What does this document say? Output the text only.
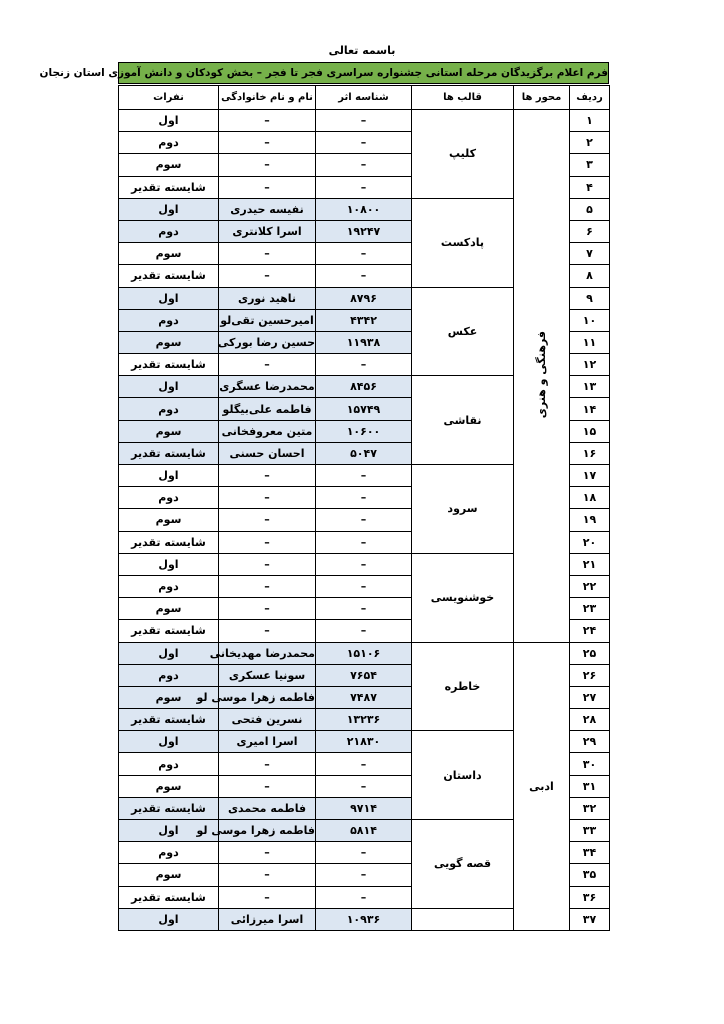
باسمه تعالی
فرم اعلام برگزیدگان مرحله استانی جشنواره سراسری فجر تا فجر – بخش کودکان و دانش آموزی استان زنجان
ردیف	محور ها	قالب ها	شناسه اثر	نام و نام خانوادگی	نفرات
۱	فرهنگی و هنری	کلیپ	–	–	اول
۲			–	–	دوم
۳			–	–	سوم
۴			–	–	شایسته تقدیر
۵		پادکست	۱۰۸۰۰	نفیسه حیدری	اول
۶			۱۹۲۴۷	اسرا کلانتری	دوم
۷			–	–	سوم
۸			–	–	شایسته تقدیر
۹		عکس	۸۷۹۶	ناهید نوری	اول
۱۰			۴۳۴۲	امیرحسین تقی‌لو	دوم
۱۱			۱۱۹۳۸	حسین رضا بورکی	سوم
۱۲			–	–	شایسته تقدیر
۱۳		نقاشی	۸۴۵۶	محمدرضا عسگری	اول
۱۴			۱۵۷۴۹	فاطمه علی‌بیگلو	دوم
۱۵			۱۰۶۰۰	متین معروفخانی	سوم
۱۶			۵۰۴۷	احسان حسنی	شایسته تقدیر
۱۷		سرود	–	–	اول
۱۸			–	–	دوم
۱۹			–	–	سوم
۲۰			–	–	شایسته تقدیر
۲۱		خوشنویسی	–	–	اول
۲۲			–	–	دوم
۲۳			–	–	سوم
۲۴			–	–	شایسته تقدیر
۲۵	ادبی	خاطره	۱۵۱۰۶	محمدرضا مهدیخانی	اول
۲۶			۷۶۵۴	سونیا عسکری	دوم
۲۷			۷۴۸۷	فاطمه زهرا موسی لو	سوم
۲۸			۱۳۲۳۶	نسرین فتحی	شایسته تقدیر
۲۹		داستان	۲۱۸۳۰	اسرا امیری	اول
۳۰			–	–	دوم
۳۱			–	–	سوم
۳۲			۹۷۱۴	فاطمه محمدی	شایسته تقدیر
۳۳		قصه گویی	۵۸۱۴	فاطمه زهرا موسی لو	اول
۳۴			–	–	دوم
۳۵			–	–	سوم
۳۶			–	–	شایسته تقدیر
۳۷			۱۰۹۳۶	اسرا میرزائی	اول
